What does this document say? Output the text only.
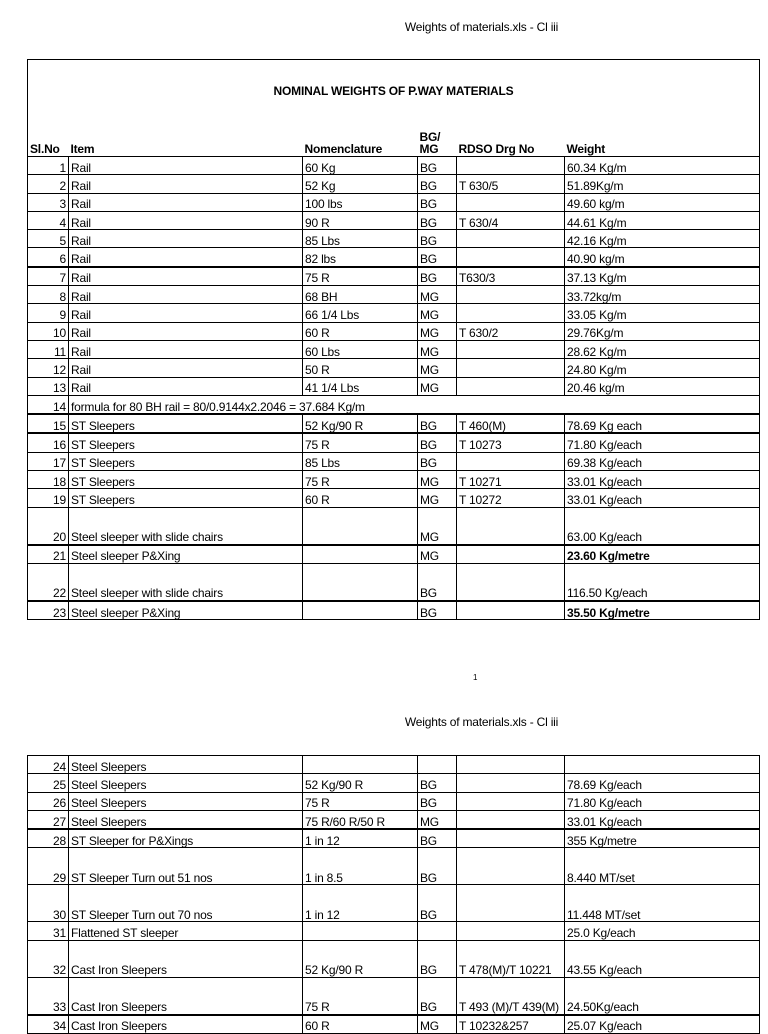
Weights of materials.xls - Cl iii
NOMINAL WEIGHTS OF P.WAY MATERIALS					
Sl.No	Item	Nomenclature	BG/ MG	RDSO Drg No	Weight
1	Rail	60 Kg	BG		60.34 Kg/m
2	Rail	52 Kg	BG	T 630/5	51.89Kg/m
3	Rail	100 lbs	BG		49.60 kg/m
4	Rail	90 R	BG	T 630/4	44.61 Kg/m
5	Rail	85 Lbs	BG		42.16 Kg/m
6	Rail	82 lbs	BG		40.90 kg/m
7	Rail	75 R	BG	T630/3	37.13 Kg/m
8	Rail	68 BH	MG		33.72kg/m
9	Rail	66 1/4 Lbs	MG		33.05 Kg/m
10	Rail	60 R	MG	T 630/2	29.76Kg/m
11	Rail	60 Lbs	MG		28.62 Kg/m
12	Rail	50 R	MG		24.80 Kg/m
13	Rail	41 1/4 Lbs	MG		20.46 kg/m
14	formula for 80 BH rail = 80/0.9144x2.2046 = 37.684 Kg/m				
15	ST Sleepers	52 Kg/90 R	BG	T 460(M)	78.69 Kg each
16	ST Sleepers	75 R	BG	T 10273	71.80 Kg/each
17	ST Sleepers	85 Lbs	BG		69.38 Kg/each
18	ST Sleepers	75 R	MG	T 10271	33.01 Kg/each
19	ST Sleepers	60 R	MG	T 10272	33.01 Kg/each
20	Steel sleeper with slide chairs		MG		63.00 Kg/each
21	Steel sleeper P&Xing		MG		23.60 Kg/metre
22	Steel sleeper with slide chairs		BG		116.50 Kg/each
23	Steel sleeper P&Xing		BG		35.50 Kg/metre
1
Weights of materials.xls - Cl iii
24	Steel Sleepers				
25	Steel Sleepers	52 Kg/90 R	BG		78.69 Kg/each
26	Steel Sleepers	75 R	BG		71.80 Kg/each
27	Steel Sleepers	75 R/60 R/50 R	MG		33.01 Kg/each
28	ST Sleeper for P&Xings	1 in 12	BG		355 Kg/metre
29	ST Sleeper Turn out 51 nos	1 in 8.5	BG		8.440 MT/set
30	ST Sleeper Turn out 70 nos	1 in 12	BG		11.448 MT/set
31	Flattened ST sleeper				25.0 Kg/each
32	Cast Iron Sleepers	52 Kg/90 R	BG	T 478(M)/T 10221	43.55 Kg/each
33	Cast Iron Sleepers	75 R	BG	T 493 (M)/T 439(M)	24.50Kg/each
34	Cast Iron Sleepers	60 R	MG	T 10232&257	25.07 Kg/each
